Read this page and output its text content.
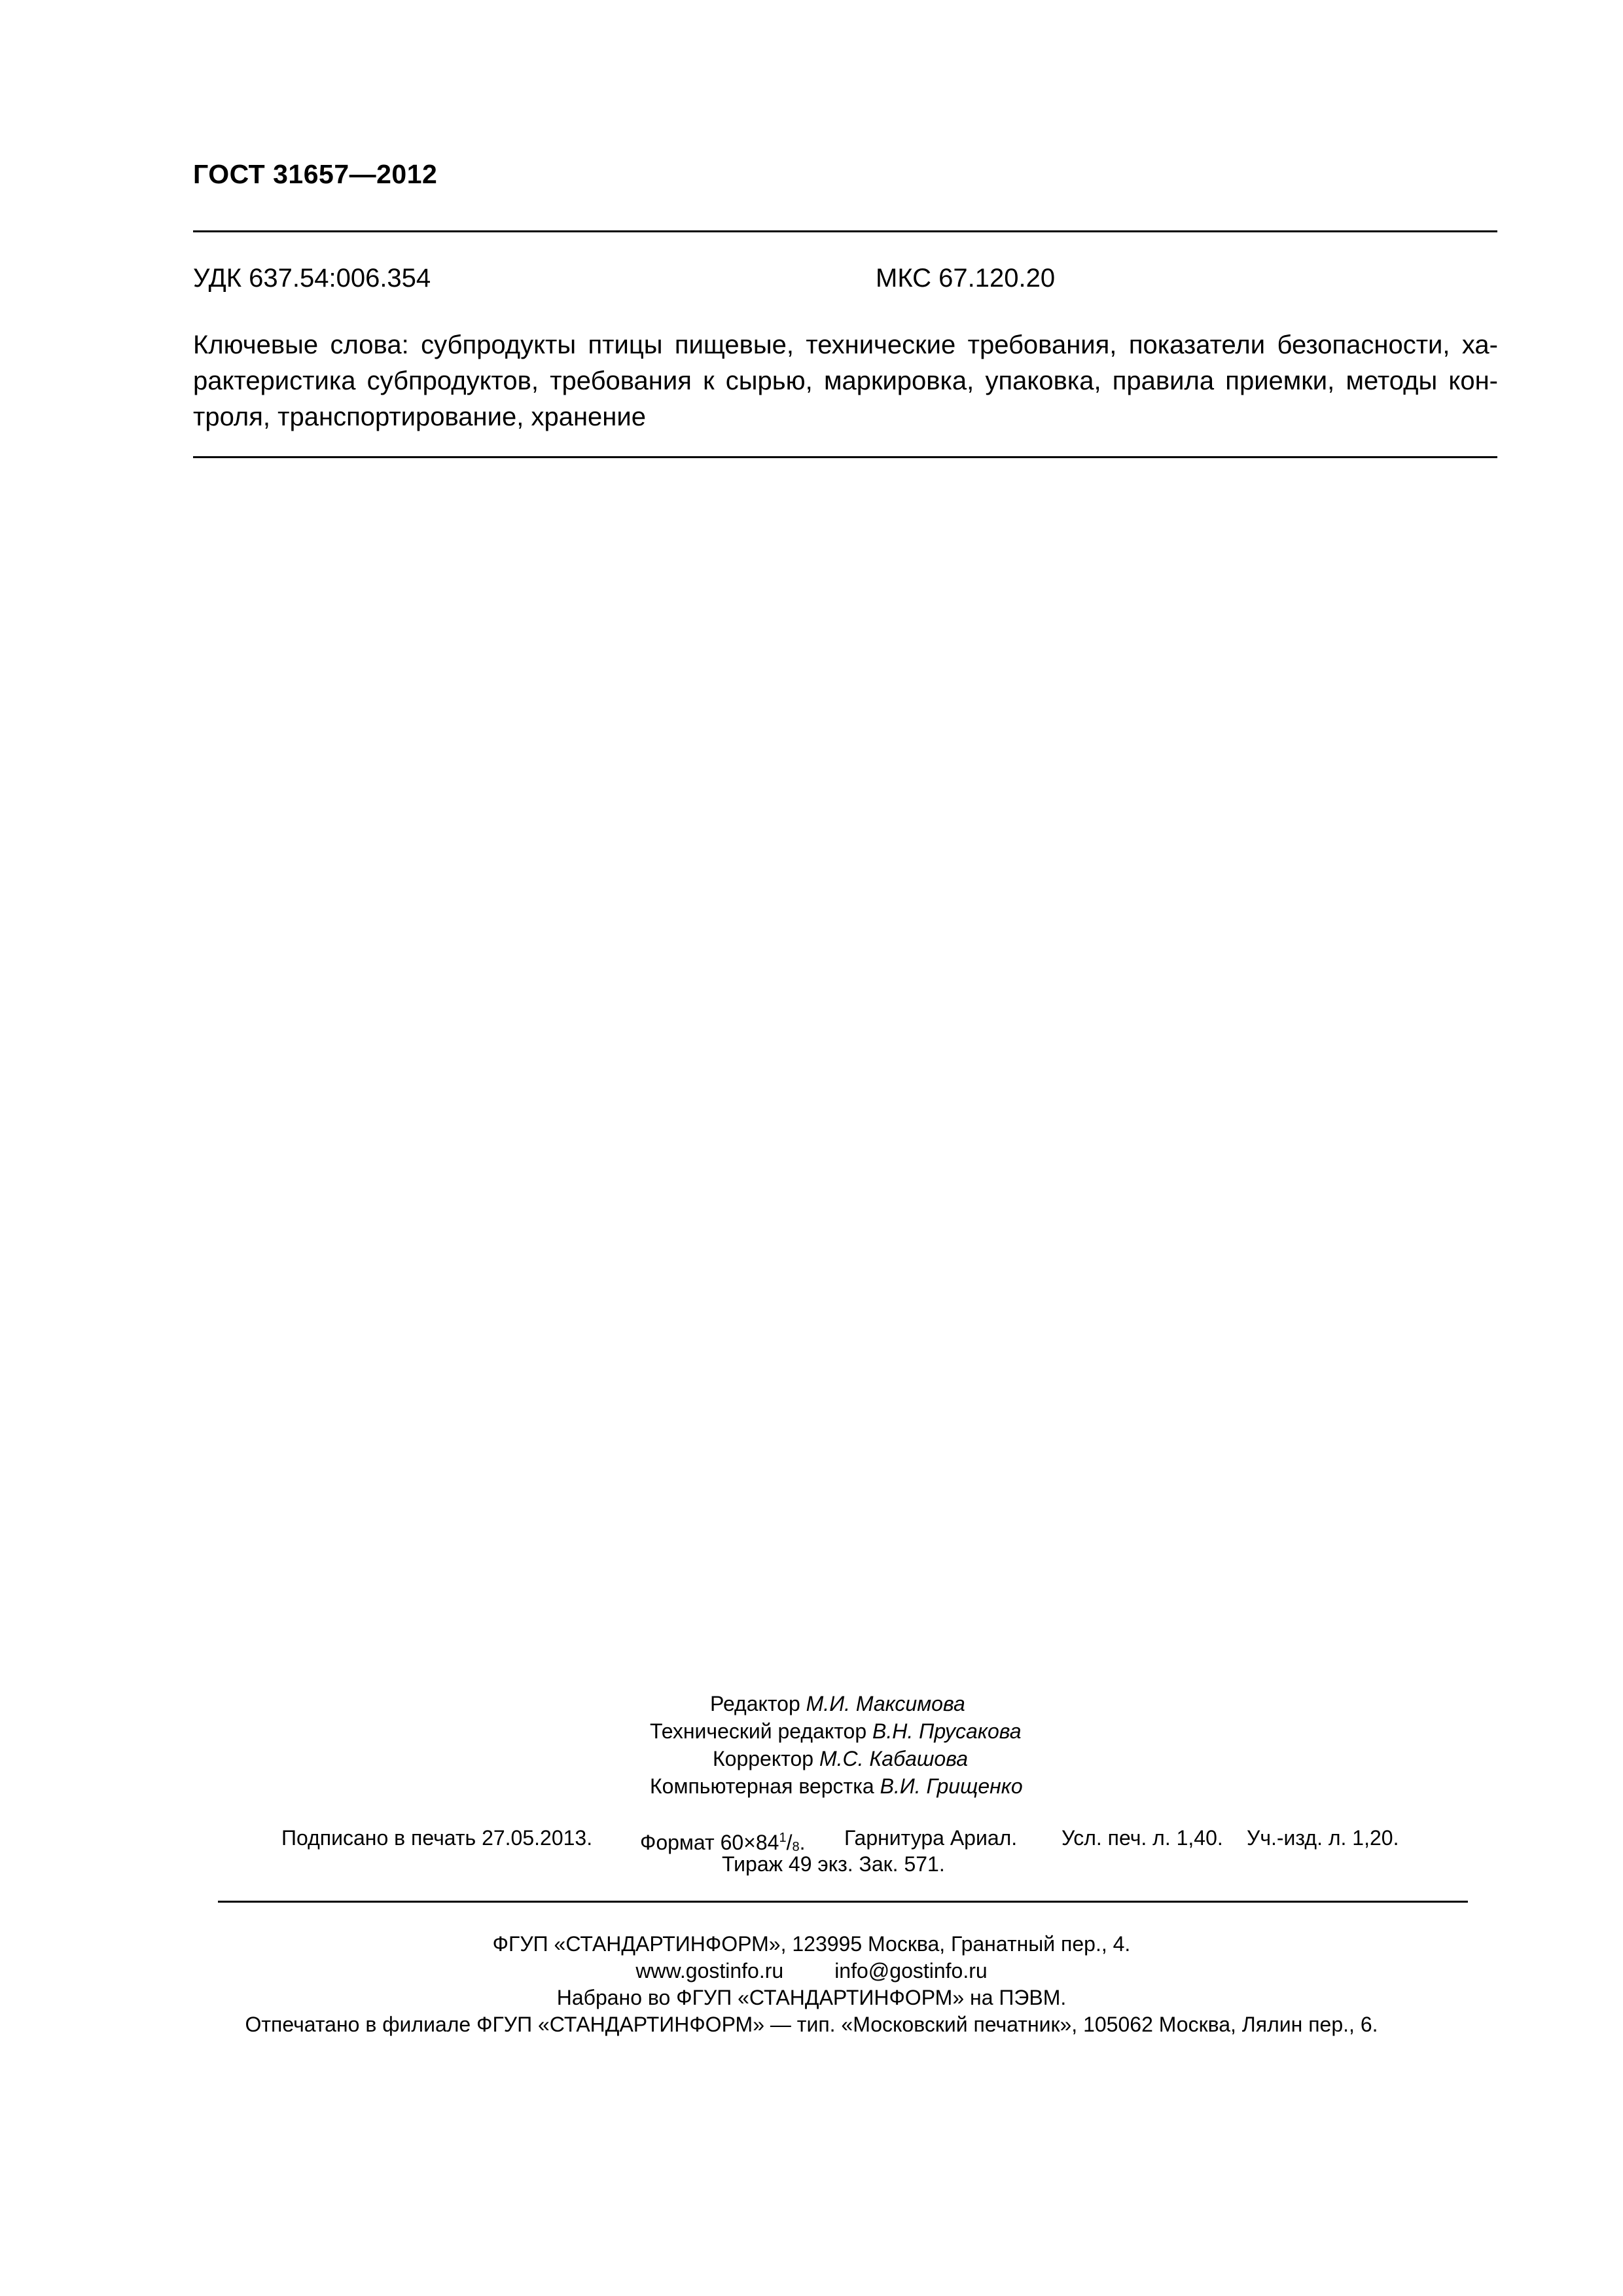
ГОСТ 31657—2012
УДК 637.54:006.354	МКС 67.120.20
Ключевые слова: субпродукты птицы пищевые, технические требования, показатели безопасности, ха-
рактеристика субпродуктов, требования к сырью, маркировка, упаковка, правила приемки, методы кон-
троля, транспортирование, хранение
Редактор М.И. Максимова
Технический редактор В.Н. Прусакова
Корректор М.С. Кабашова
Компьютерная верстка В.И. Грищенко
Подписано в печать 27.05.2013. Формат $60\times 84^1/_8$. Гарнитура Ариал. Усл. печ. л. 1,40. Уч.-изд. л. 1,20.
Тираж 49 экз. Зак. 571.
ФГУП «СТАНДАРТИНФОРМ», 123995 Москва, Гранатный пер., 4.
www.gostinfo.ru info@gostinfo.ru
Набрано во ФГУП «СТАНДАРТИНФОРМ» на ПЭВМ.
Отпечатано в филиале ФГУП «СТАНДАРТИНФОРМ» — тип. «Московский печатник», 105062 Москва, Лялин пер., 6.
